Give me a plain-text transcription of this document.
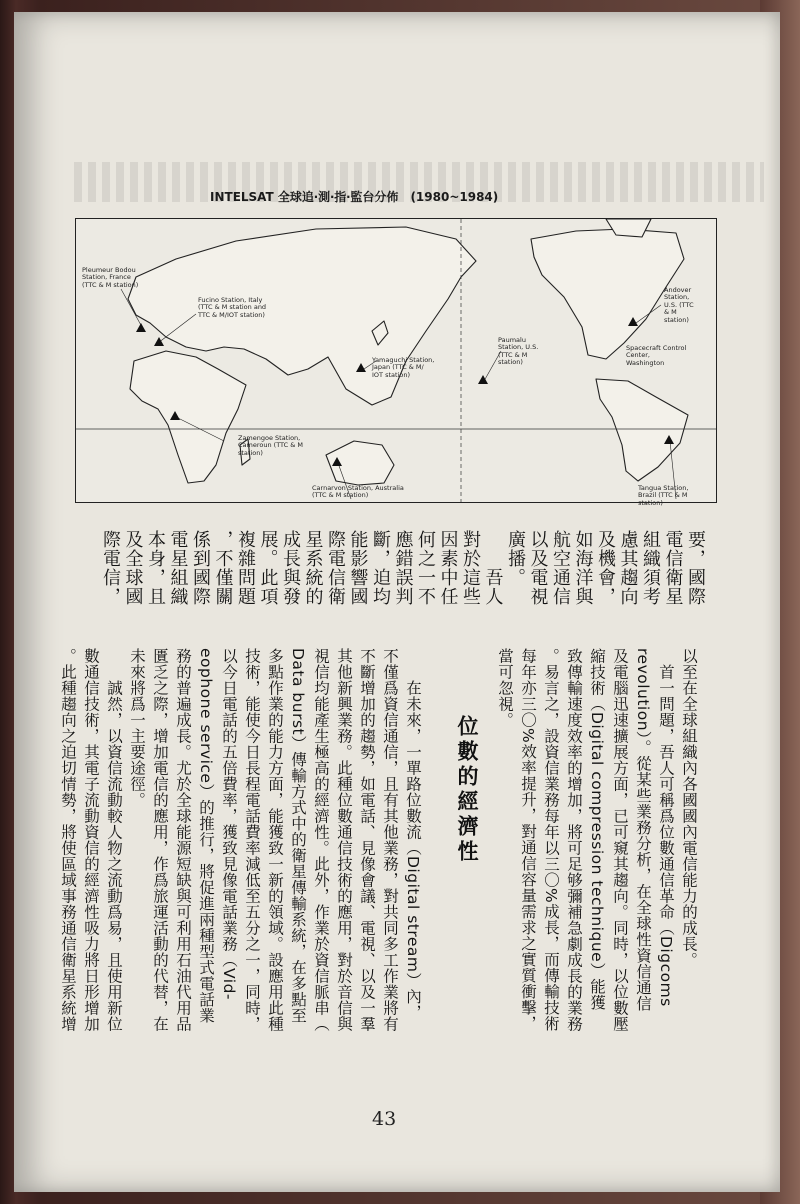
INTELSAT 全球追‧測‧指‧監台分佈 (1980~1984)
Pleumeur Bodou
Station, France
(TTC & M station)
Fucino Station, Italy
(TTC & M station and
TTC & M/IOT station)
Yamaguchi Station,
Japan (TTC & M/
IOT station)
Paumalu
Station, U.S.
(TTC & M
station)
Andover
Station,
U.S. (TTC
& M
station)
Spacecraft Control
Center,
Washington
Zamengoe Station,
Cameroun (TTC & M
station)
Carnarvon Station, Australia
(TTC & M station)
Tangua Station,
Brazil (TTC & M
station)
要，國際
電信衛星
組織須考
慮其趨向
及機會，
如海洋與
航空通信
以及電視
廣播。
　　吾人
對於這些
因素中任
何之一不
應錯誤判
斷，迫均
能影響國
際電信衛
星系統的
成長與發
展。此項
複雜問題
，不僅關
係到國際
電星組織
本身，且
及全球國
際電信，
位數的經濟性	以至在全球組織內各國國內電信能力的成長。
　首一問題，吾人可稱爲位數通信革命（Digcoms
revolution）。從某些業務分析，在全球性資信通信
及電腦迅速擴展方面，已可窺其趨向。同時，以位數壓
縮技術（Digital compression technique）能獲
致傳輸速度效率的增加，將可足够彌補急劇成長的業務
。易言之，設資信業務每年以三〇%成長，而傳輸技術
每年亦三〇%效率提升，對通信容量需求之實質衝擊，
當可忽視。

　　在未來，一單路位數流（Digital stream）內，
不僅爲資信通信，且有其他業務，對共同多工作業將有
不斷增加的趨勢，如電話、見像會議、電視、以及一羣
其他新興業務。此種位數通信技術的應用，對於音信與
視信均能產生極高的經濟性。此外，作業於資信脈串（
Data burst）傳輸方式中的衛星傳輸系統，在多點至
多點作業的能力方面，能獲致一新的領域。設應用此種
技術，能使今日長程電話費率減低至五分之一，同時，
以今日電話的五倍費率，獲致見像電話業務（Vid-
eophone service）的推行，將促進兩種型式電話業
務的普遍成長。尤於全球能源短缺與可利用石油代用品
匱乏之際，增加電信的應用，作爲旅運活動的代替，在
未來將爲一主要途徑。
　　誠然，以資信流動較人物之流動爲易，且使用新位
數通信技術，其電子流動資信的經濟性吸力將日形增加
。此種趨向之迫切情勢，將使區域事務通信衛星系統增
43
